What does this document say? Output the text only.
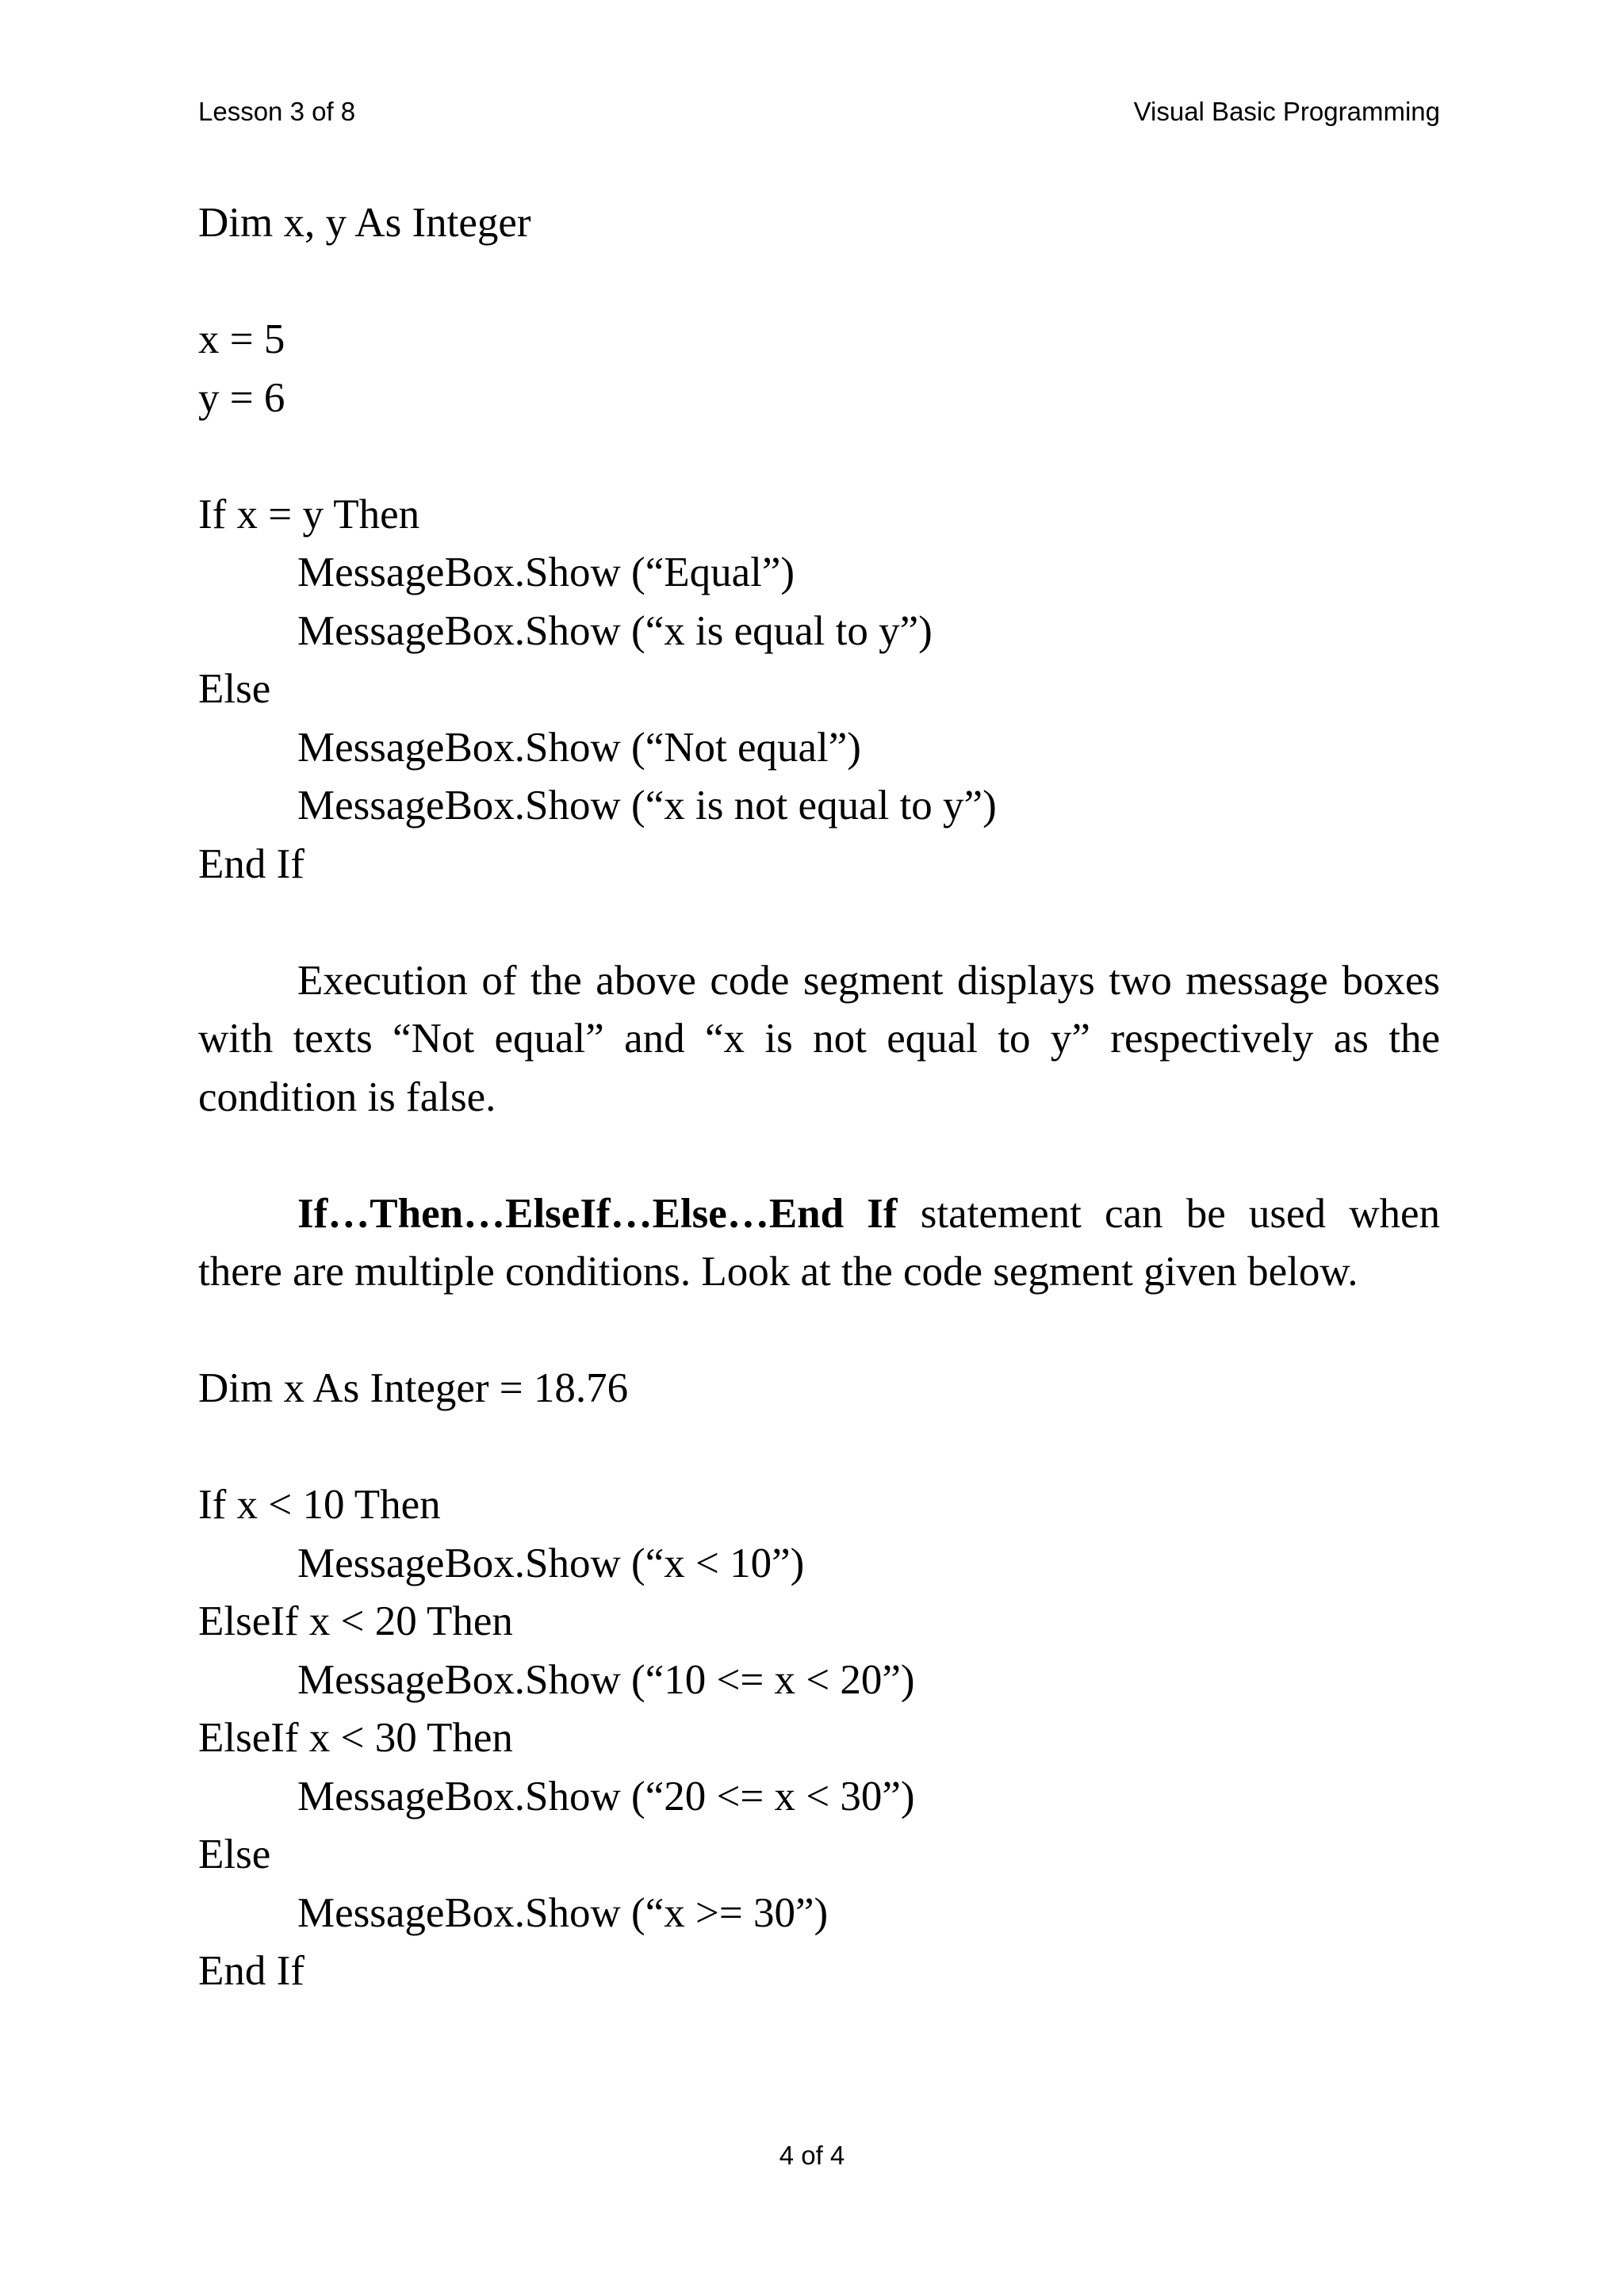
Lesson 3 of 8	Visual Basic Programming
Dim x, y As Integer
x = 5
y = 6
If x = y Then
MessageBox.Show (“Equal”)
MessageBox.Show (“x is equal to y”)
Else
MessageBox.Show (“Not equal”)
MessageBox.Show (“x is not equal to y”)
End If
Execution of the above code segment displays two message boxes with texts “Not equal” and “x is not equal to y” respectively as the condition is false.
If…Then…ElseIf…Else…End If statement can be used when there are multiple conditions. Look at the code segment given below.
Dim x As Integer = 18.76
If x < 10 Then
MessageBox.Show (“x < 10”)
ElseIf x < 20 Then
MessageBox.Show (“10 <= x < 20”)
ElseIf x < 30 Then
MessageBox.Show (“20 <= x < 30”)
Else
MessageBox.Show (“x >= 30”)
End If
4 of 4
